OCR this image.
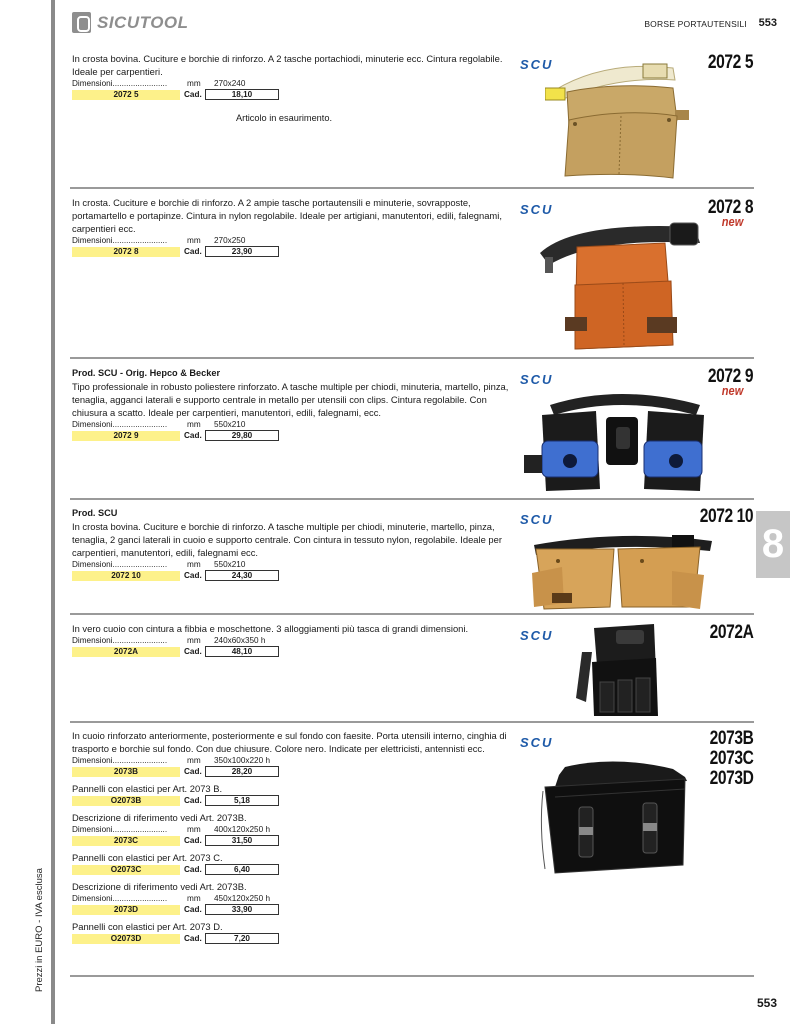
Prezzi in EURO - IVA esclusa
SICUTOOL	BORSE PORTAUTENSILI 553
553
8
In crosta bovina. Cuciture e borchie di rinforzo. A 2 tasche portachiodi, minuterie ecc. Cintura regolabile. Ideale per carpentieri.
Dimensioni........................	mm	270x240
2072 5	Cad.	18,10
Articolo in esaurimento.
In crosta. Cuciture e borchie di rinforzo. A 2 ampie tasche portautensili e minuterie, sovrapposte, portamartello e portapinze. Cintura in nylon regolabile. Ideale per artigiani, manutentori, edili, falegnami, carpentieri ecc.
Dimensioni........................	mm	270x250
2072 8	Cad.	23,90
Prod. SCU - Orig. Hepco & Becker
Tipo professionale in robusto poliestere rinforzato. A tasche multiple per chiodi, minuteria, martello, pinza, tenaglia, agganci laterali e supporto centrale in metallo per utensili con clips. Cintura regolabile. Con chiusura a scatto. Ideale per carpentieri, manutentori, edili, falegnami, ecc.
Dimensioni........................	mm	550x210
2072 9	Cad.	29,80
Prod. SCU
In crosta bovina. Cuciture e borchie di rinforzo. A tasche multiple per chiodi, minuterie, martello, pinza, tenaglia, 2 ganci laterali in cuoio e supporto centrale. Con cintura in tessuto nylon, regolabile. Ideale per carpentieri, manutentori, edili, falegnami ecc.
Dimensioni........................	mm	550x210
2072 10	Cad.	24,30
In vero cuoio con cintura a fibbia e moschettone. 3 alloggiamenti più tasca di grandi dimensioni.
Dimensioni........................	mm	240x60x350 h
2072A	Cad.	48,10
In cuoio rinforzato anteriormente, posteriormente e sul fondo con faesite. Porta utensili interno, cinghia di trasporto e borchie sul fondo. Con due chiusure. Colore nero. Indicate per elettricisti, antennisti ecc.
Dimensioni........................	mm	350x100x220 h
2073B	Cad.	28,20
Pannelli con elastici per Art. 2073 B.
O2073B	Cad.	5,18
Descrizione di riferimento vedi Art. 2073B.
Dimensioni........................	mm	400x120x250 h
2073C	Cad.	31,50
Pannelli con elastici per Art. 2073 C.
O2073C	Cad.	6,40
Descrizione di riferimento vedi Art. 2073B.
Dimensioni........................	mm	450x120x250 h
2073D	Cad.	33,90
Pannelli con elastici per Art. 2073 D.
O2073D	Cad.	7,20
SCU
SCU
SCU
SCU
SCU
SCU
2072 5
2072 8
new
2072 9
new
2072 10
2072A
2073B
2073C
2073D
